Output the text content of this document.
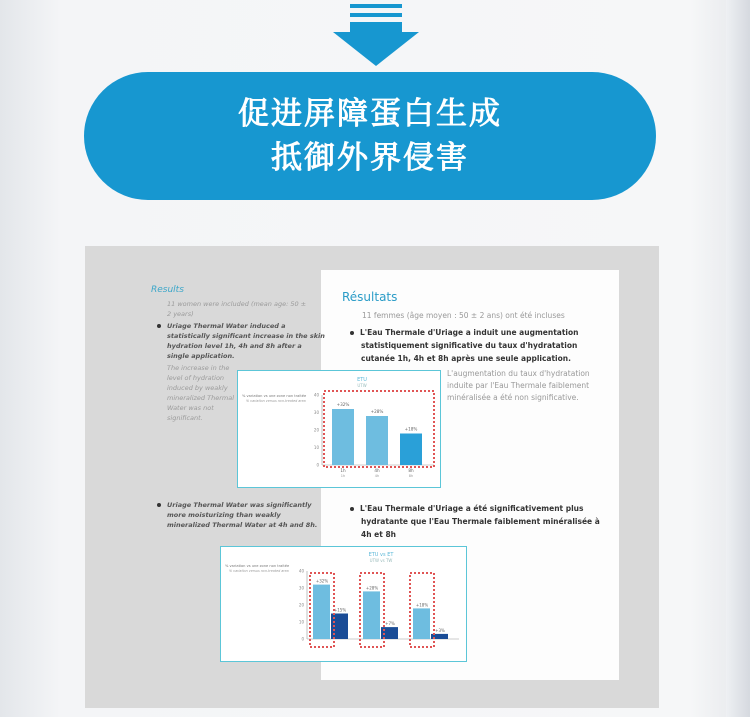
促进屏障蛋白生成
抵御外界侵害
Results
11 women were included (mean age: 50 ±
2 years)
Uriage Thermal Water induced a
statistically significant increase in the skin
hydration level 1h, 4h and 8h after a
single application.
The increase in the
level of hydration
induced by weakly
mineralized Thermal
Water was not
significant.
Uriage Thermal Water was significantly
more moisturizing than weakly
mineralized Thermal Water at 4h and 8h.
Résultats
11 femmes (âge moyen : 50 ± 2 ans) ont été incluses
L'Eau Thermale d'Uriage a induit une augmentation
statistiquement significative du taux d'hydratation
cutanée 1h, 4h et 8h après une seule application.
L'augmentation du taux d'hydratation
induite par l'Eau Thermale faiblement
minéralisée a été non significative.
L'Eau Thermale d'Uriage a été significativement plus
hydratante que l'Eau Thermale faiblement minéralisée à
4h et 8h
ETU
UTW
% variation vs une zone non traitée
% variation versus non-treated area
0
10
20
30
40
+32%
1h
1h
+28%
4h
4h
+18%
8h
8h
ETU vs ET
UTW vs TW
% variation vs une zone non traitée
% variation versus non-treated area
0
10
20
30
40
+32%
+15%
+28%
+7%
+18%
+3%
